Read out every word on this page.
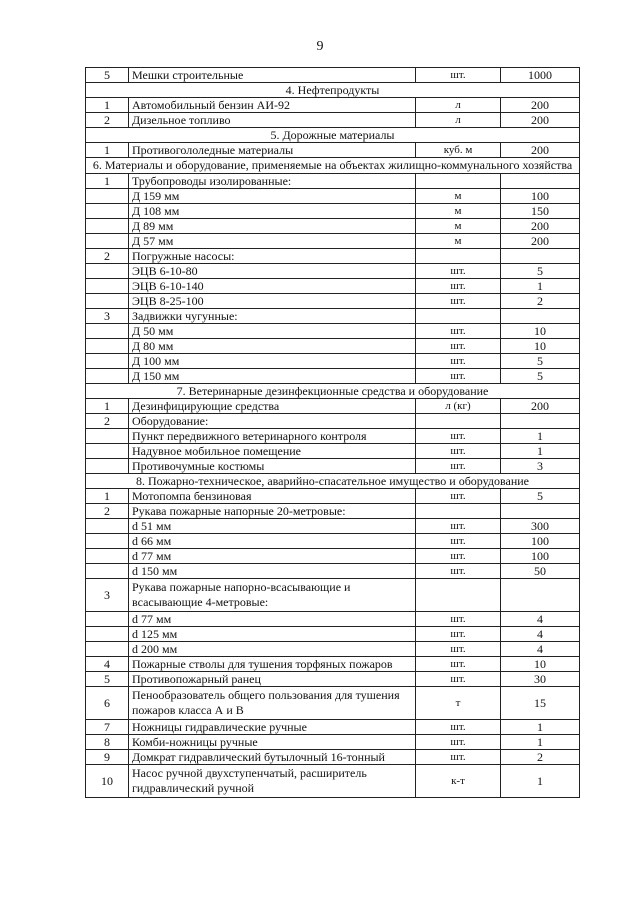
9
5	Мешки строительные	шт.	1000
4. Нефтепродукты			
1	Автомобильный бензин АИ-92	л	200
2	Дизельное топливо	л	200
5. Дорожные материалы			
1	Противогололедные материалы	куб. м	200
6. Материалы и оборудование, применяемые на объектах жилищно-коммунального хозяйства			
1	Трубопроводы изолированные:		
	Д 159 мм	м	100
	Д 108 мм	м	150
	Д 89 мм	м	200
	Д 57 мм	м	200
2	Погружные насосы:		
	ЭЦВ 6-10-80	шт.	5
	ЭЦВ 6-10-140	шт.	1
	ЭЦВ 8-25-100	шт.	2
3	Задвижки чугунные:		
	Д 50 мм	шт.	10
	Д 80 мм	шт.	10
	Д 100 мм	шт.	5
	Д 150 мм	шт.	5
7. Ветеринарные дезинфекционные средства и оборудование			
1	Дезинфицирующие средства	л (кг)	200
2	Оборудование:		
	Пункт передвижного ветеринарного контроля	шт.	1
	Надувное мобильное помещение	шт.	1
	Противочумные костюмы	шт.	3
8. Пожарно-техническое, аварийно-спасательное имущество и оборудование			
1	Мотопомпа бензиновая	шт.	5
2	Рукава пожарные напорные 20-метровые:		
	d 51 мм	шт.	300
	d 66 мм	шт.	100
	d 77 мм	шт.	100
	d 150 мм	шт.	50
3	Рукава пожарные напорно-всасывающие и всасывающие 4-метровые:		
	d 77 мм	шт.	4
	d 125 мм	шт.	4
	d 200 мм	шт.	4
4	Пожарные стволы для тушения торфяных пожаров	шт.	10
5	Противопожарный ранец	шт.	30
6	Пенообразователь общего пользования для тушения пожаров класса А и В	т	15
7	Ножницы гидравлические ручные	шт.	1
8	Комби-ножницы ручные	шт.	1
9	Домкрат гидравлический бутылочный 16-тонный	шт.	2
10	Насос ручной двухступенчатый, расширитель гидравлический ручной	к-т	1
